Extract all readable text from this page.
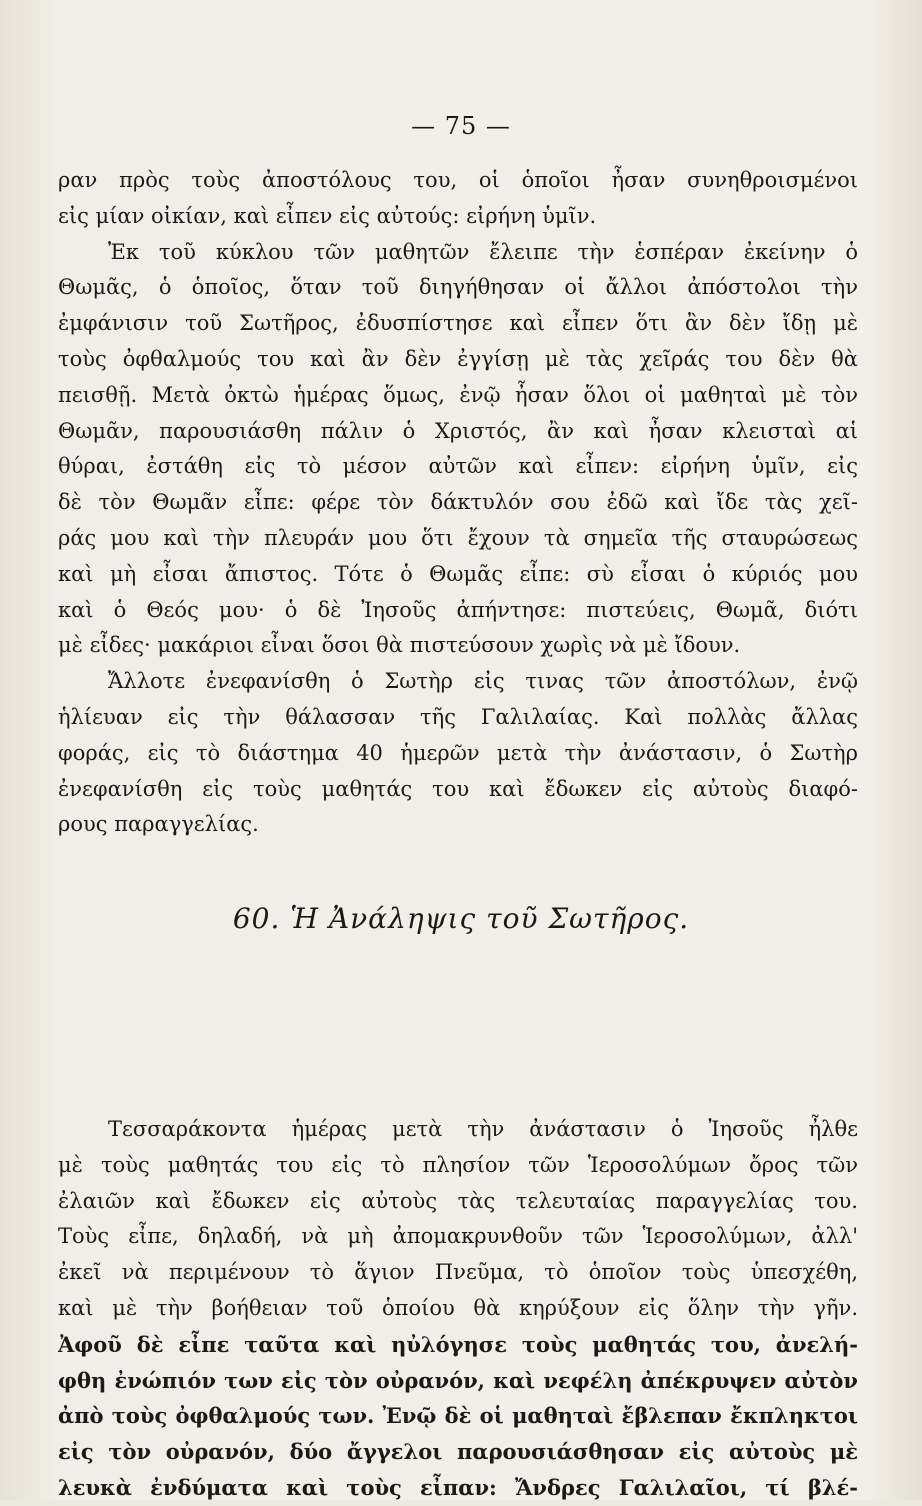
— 75 —
ραν πρὸς τοὺς ἀποστόλους του, οἱ ὁποῖοι ἦσαν συνηθροισμένοι
εἰς μίαν οἰκίαν, καὶ εἶπεν εἰς αὐτούς: εἰρήνη ὑμῖν.
Ἐκ τοῦ κύκλου τῶν μαθητῶν ἔλειπε τὴν ἑσπέραν ἐκείνην ὁ
Θωμᾶς, ὁ ὁποῖος, ὅταν τοῦ διηγήθησαν οἱ ἄλλοι ἀπόστολοι τὴν
ἐμφάνισιν τοῦ Σωτῆρος, ἐδυσπίστησε καὶ εἶπεν ὅτι ἂν δὲν ἴδῃ μὲ
τοὺς ὀφθαλμούς του καὶ ἂν δὲν ἐγγίσῃ μὲ τὰς χεῖράς του δὲν θὰ
πεισθῇ. Μετὰ ὀκτὼ ἡμέρας ὅμως, ἐνῷ ἦσαν ὅλοι οἱ μαθηταὶ μὲ τὸν
Θωμᾶν, παρουσιάσθη πάλιν ὁ Χριστός, ἂν καὶ ἦσαν κλεισταὶ αἱ
θύραι, ἐστάθη εἰς τὸ μέσον αὐτῶν καὶ εἶπεν: εἰρήνη ὑμῖν, εἰς
δὲ τὸν Θωμᾶν εἶπε: φέρε τὸν δάκτυλόν σου ἐδῶ καὶ ἴδε τὰς χεῖ-
ράς μου καὶ τὴν πλευράν μου ὅτι ἔχουν τὰ σημεῖα τῆς σταυρώσεως
καὶ μὴ εἶσαι ἄπιστος. Τότε ὁ Θωμᾶς εἶπε: σὺ εἶσαι ὁ κύριός μου
καὶ ὁ Θεός μου· ὁ δὲ Ἰησοῦς ἀπήντησε: πιστεύεις, Θωμᾶ, διότι
μὲ εἶδες· μακάριοι εἶναι ὅσοι θὰ πιστεύσουν χωρὶς νὰ μὲ ἴδουν.
Ἄλλοτε ἐνεφανίσθη ὁ Σωτὴρ εἰς τινας τῶν ἀποστόλων, ἐνῷ
ἡλίευαν εἰς τὴν θάλασσαν τῆς Γαλιλαίας. Καὶ πολλὰς ἄλλας
φοράς, εἰς τὸ διάστημα 40 ἡμερῶν μετὰ τὴν ἀνάστασιν, ὁ Σωτὴρ
ἐνεφανίσθη εἰς τοὺς μαθητάς του καὶ ἔδωκεν εἰς αὐτοὺς διαφό-
ρους παραγγελίας.
60. Ἡ Ἀνάληψις τοῦ Σωτῆρος.
Τεσσαράκοντα ἡμέρας μετὰ τὴν ἀνάστασιν ὁ Ἰησοῦς ἦλθε
μὲ τοὺς μαθητάς του εἰς τὸ πλησίον τῶν Ἱεροσολύμων ὄρος τῶν
ἐλαιῶν καὶ ἔδωκεν εἰς αὐτοὺς τὰς τελευταίας παραγγελίας του.
Τοὺς εἶπε, δηλαδή, νὰ μὴ ἀπομακρυνθοῦν τῶν Ἱεροσολύμων, ἀλλ'
ἐκεῖ νὰ περιμένουν τὸ ἅγιον Πνεῦμα, τὸ ὁποῖον τοὺς ὑπεσχέθη,
καὶ μὲ τὴν βοήθειαν τοῦ ὁποίου θὰ κηρύξουν εἰς ὅλην τὴν γῆν.
Ἀφοῦ δὲ εἶπε ταῦτα καὶ ηὐλόγησε τοὺς μαθητάς του, ἀνελή-
φθη ἐνώπιόν των εἰς τὸν οὐρανόν, καὶ νεφέλη ἀπέκρυψεν αὐτὸν
ἀπὸ τοὺς ὀφθαλμούς των. Ἐνῷ δὲ οἱ μαθηταὶ ἔβλεπαν ἔκπληκτοι
εἰς τὸν οὐρανόν, δύο ἄγγελοι παρουσιάσθησαν εἰς αὐτοὺς μὲ
λευκὰ ἐνδύματα καὶ τοὺς εἶπαν: Ἄνδρες Γαλιλαῖοι, τί βλέ-
